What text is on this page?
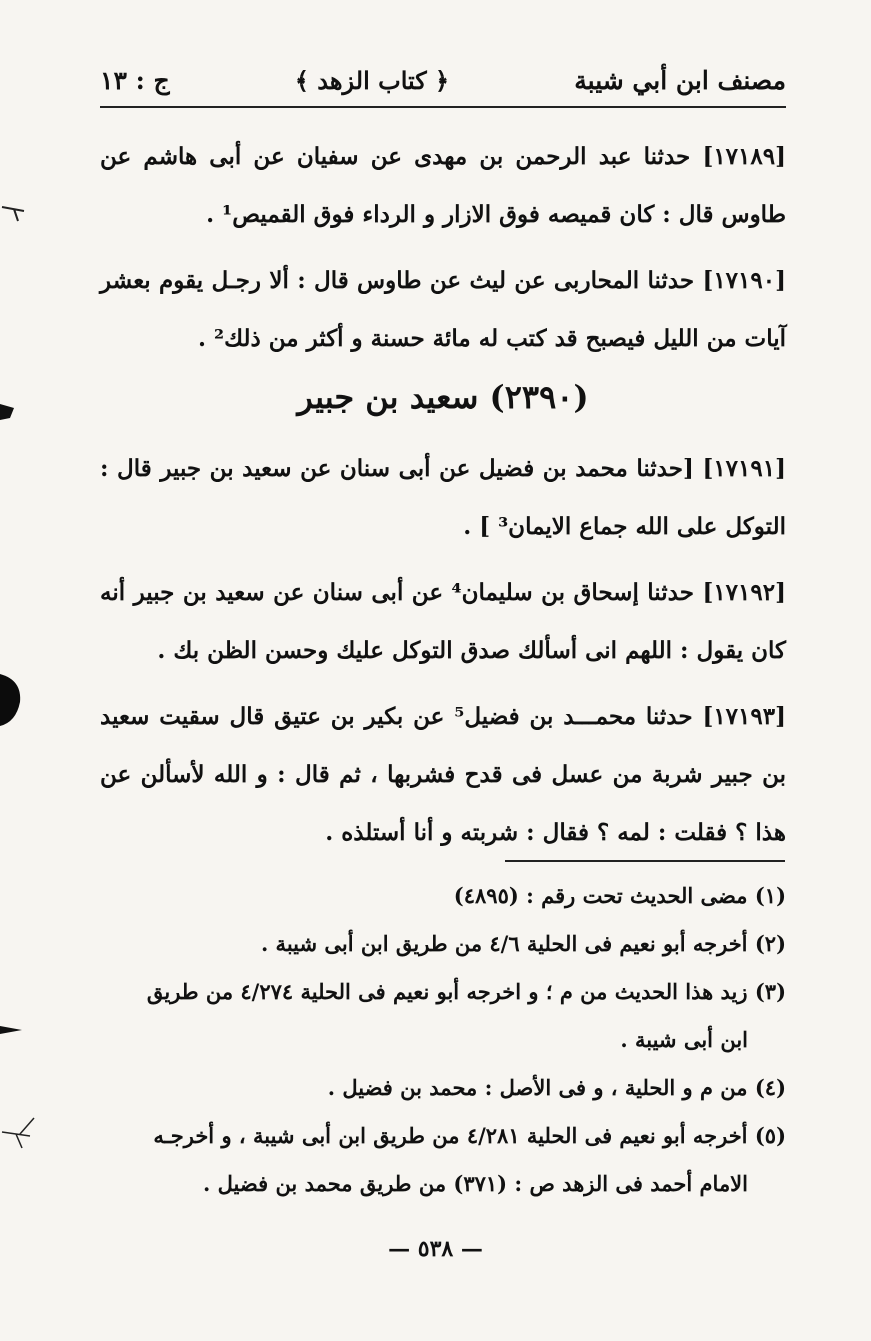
مصنف ابن أبي شيبة
﴿ كتاب الزهد ﴾
ج : ١٣

[١٧١٨٩] حدثنا عبد الرحمن بن مهدى عن سفيان عن أبى هاشم عن طاوس قال : كان قميصه فوق الازار و الرداء فوق القميص¹ .

[١٧١٩٠] حدثنا المحاربى عن ليث عن طاوس قال : ألا رجـل يقوم بعشر آيات من الليل فيصبح قد كتب له مائة حسنة و أكثر من ذلك² .

(٢٣٩٠) سعيد بن جبير

[١٧١٩١] [حدثنا محمد بن فضيل عن أبى سنان عن سعيد بن جبير قال : التوكل على الله جماع الايمان³ ] .

[١٧١٩٢] حدثنا إسحاق بن سليمان⁴ عن أبى سنان عن سعيد بن جبير أنه كان يقول : اللهم انى أسألك صدق التوكل عليك وحسن الظن بك .

[١٧١٩٣] حدثنا محمـــد بن فضيل⁵ عن بكير بن عتيق قال سقيت سعيد بن جبير شربة من عسل فى قدح فشربها ، ثم قال : و الله لأسألن عن هذا ؟ فقلت : لمه ؟ فقال : شربته و أنا أستلذه .

(١) مضى الحديث تحت رقم : (٤٨٩٥)

(٢) أخرجه أبو نعيم فى الحلية ٤/٦ من طريق ابن أبى شيبة .

(٣) زيد هذا الحديث من م ؛ و اخرجه أبو نعيم فى الحلية ٤/٢٧٤ من طريق
ابن أبى شيبة .

(٤) من م و الحلية ، و فى الأصل : محمد بن فضيل .

(٥) أخرجه أبو نعيم فى الحلية ٤/٢٨١ من طريق ابن أبى شيبة ، و أخرجـه
الامام أحمد فى الزهد ص : (٣٧١) من طريق محمد بن فضيل .

— ٥٣٨ —
